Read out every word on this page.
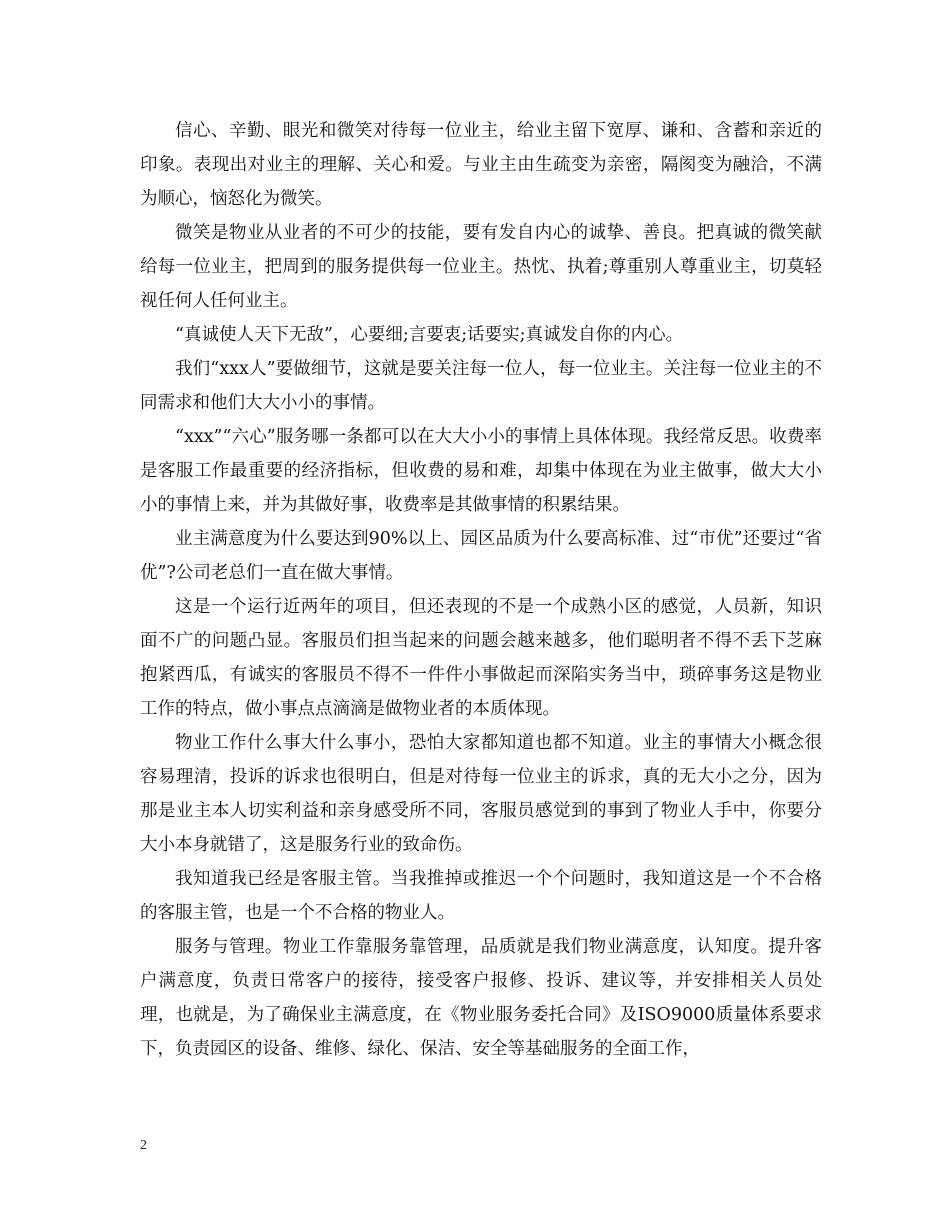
信心、辛勤、眼光和微笑对待每一位业主，给业主留下宽厚、谦和、含蓄和亲近的印象。表现出对业主的理解、关心和爱。与业主由生疏变为亲密，隔阂变为融洽，不满为顺心，恼怒化为微笑。

微笑是物业从业者的不可少的技能，要有发自内心的诚挚、善良。把真诚的微笑献给每一位业主，把周到的服务提供每一位业主。热忱、执着;尊重别人尊重业主，切莫轻视任何人任何业主。

“真诚使人天下无敌”，心要细;言要衷;话要实;真诚发自你的内心。

我们“xxx人”要做细节，这就是要关注每一位人，每一位业主。关注每一位业主的不同需求和他们大大小小的事情。

“xxx”“六心”服务哪一条都可以在大大小小的事情上具体体现。我经常反思。收费率是客服工作最重要的经济指标，但收费的易和难，却集中体现在为业主做事，做大大小小的事情上来，并为其做好事，收费率是其做事情的积累结果。

业主满意度为什么要达到90%以上、园区品质为什么要高标准、过“市优”还要过“省优”?公司老总们一直在做大事情。

这是一个运行近两年的项目，但还表现的不是一个成熟小区的感觉，人员新，知识面不广的问题凸显。客服员们担当起来的问题会越来越多，他们聪明者不得不丢下芝麻抱紧西瓜，有诚实的客服员不得不一件件小事做起而深陷实务当中，琐碎事务这是物业工作的特点，做小事点点滴滴是做物业者的本质体现。

物业工作什么事大什么事小，恐怕大家都知道也都不知道。业主的事情大小概念很容易理清，投诉的诉求也很明白，但是对待每一位业主的诉求，真的无大小之分，因为那是业主本人切实利益和亲身感受所不同，客服员感觉到的事到了物业人手中，你要分大小本身就错了，这是服务行业的致命伤。

我知道我已经是客服主管。当我推掉或推迟一个个问题时，我知道这是一个不合格的客服主管，也是一个不合格的物业人。

服务与管理。物业工作靠服务靠管理，品质就是我们物业满意度，认知度。提升客户满意度，负责日常客户的接待，接受客户报修、投诉、建议等，并安排相关人员处理，也就是，为了确保业主满意度，在《物业服务委托合同》及ISO9000质量体系要求下，负责园区的设备、维修、绿化、保洁、安全等基础服务的全面工作，

2
